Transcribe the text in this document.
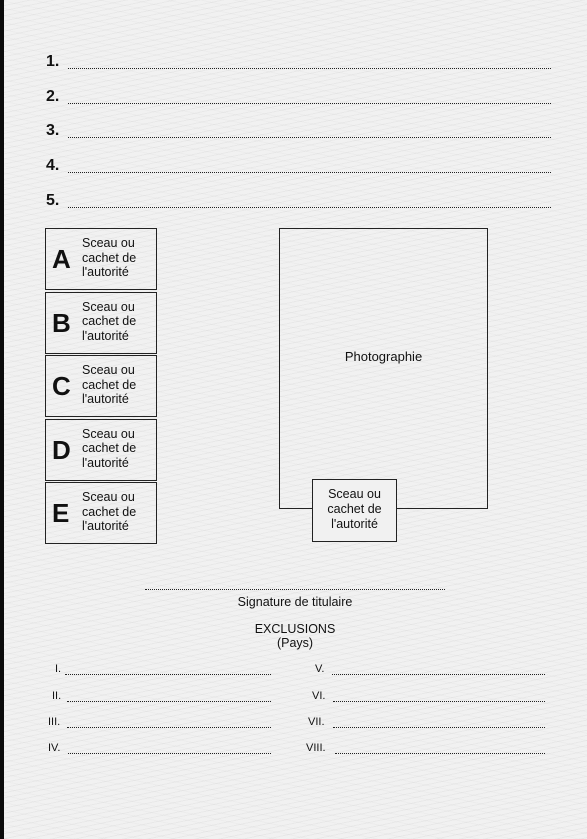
1.
2.
3.
4.
5.
A
Sceau ou
cachet de
l'autorité
B
Sceau ou
cachet de
l'autorité
C
Sceau ou
cachet de
l'autorité
D
Sceau ou
cachet de
l'autorité
E
Sceau ou
cachet de
l'autorité
Photographie
Sceau ou
cachet de
l'autorité
Signature de titulaire
EXCLUSIONS
(Pays)
I.
II.
III.
IV.
V.
VI.
VII.
VIII.
